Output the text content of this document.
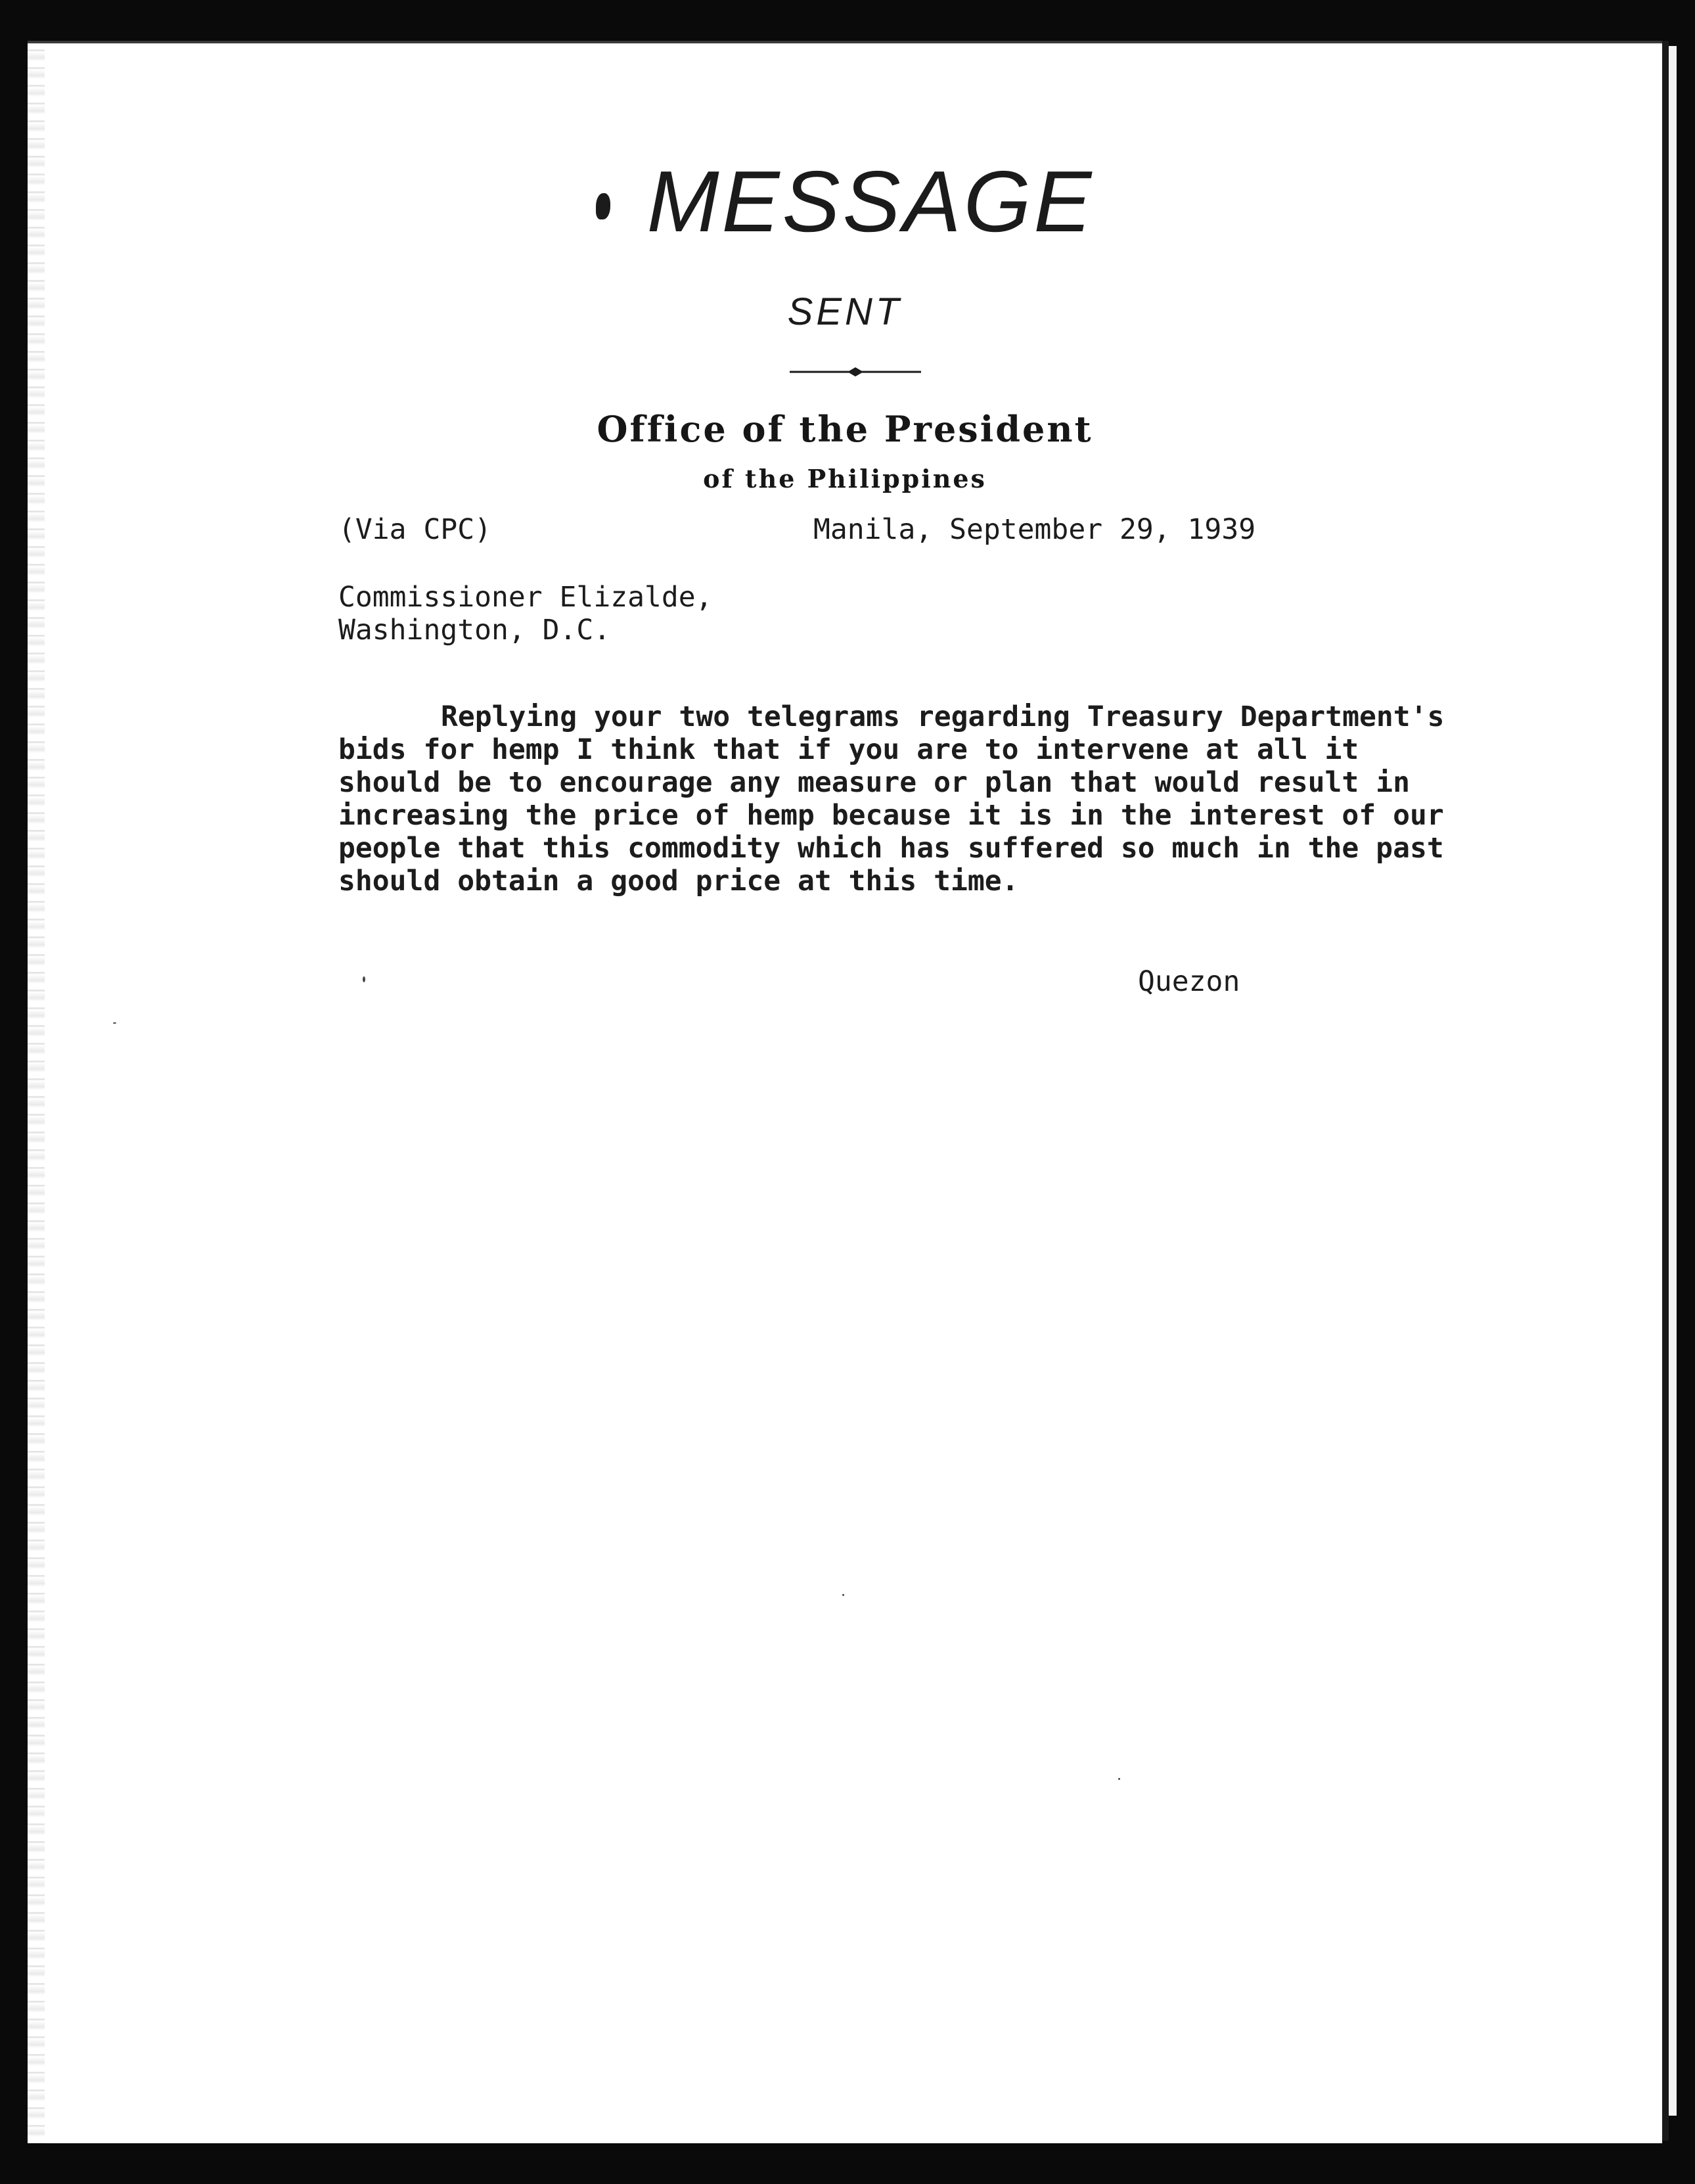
MESSAGE
SENT
Office of the President
of the Philippines
(Via CPC)	Manila, September 29, 1939
Commissioner Elizalde,
Washington, D.C.
Replying your two telegrams regarding Treasury Department's bids for hemp I think that if you are to intervene at all it should be to encourage any measure or plan that would result in increasing the price of hemp because it is in the interest of our people that this commodity which has suffered so much in the past should obtain a good price at this time.
Quezon
